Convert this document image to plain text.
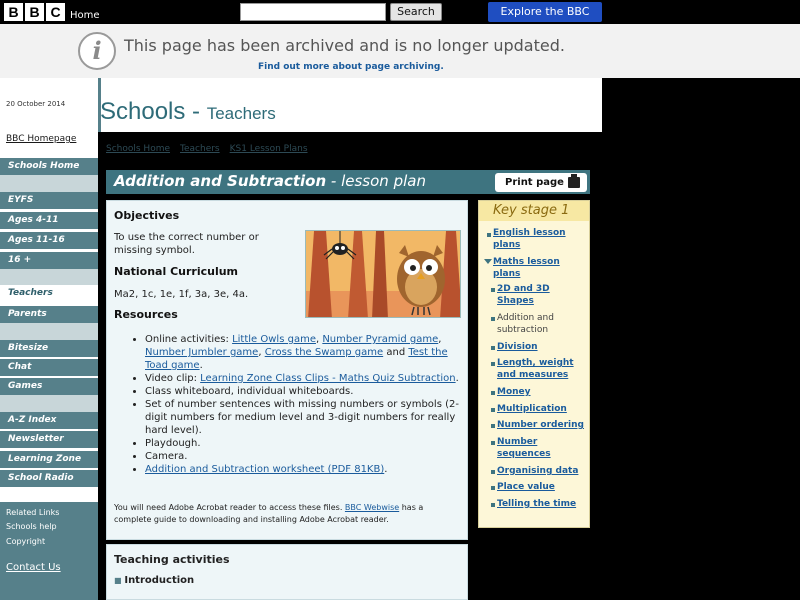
B B C Home	Search	Explore the BBC
i	This page has been archived and is no longer updated.
Find out more about page archiving.
20 October 2014
BBC Homepage
Schools Home
EYFS
Ages 4-11
Ages 11-16
16 +
Teachers
Parents
Bitesize
Chat
Games
A-Z Index
Newsletter
Learning Zone
School Radio
Related Links
Schools help
Copyright
Contact Us
Schools - Teachers
Schools Home Teachers KS1 Lesson Plans
Addition and Subtraction - lesson plan	Print page
Objectives

To use the correct number or missing symbol.

National Curriculum

Ma2, 1c, 1e, 1f, 3a, 3e, 4a.

Resources
• Online activities: Little Owls game, Number Pyramid game, Number Jumbler game, Cross the Swamp game and Test the Toad game.
• Video clip: Learning Zone Class Clips - Maths Quiz Subtraction.
• Class whiteboard, individual whiteboards.
• Set of number sentences with missing numbers or symbols (2-digit numbers for medium level and 3-digit numbers for really hard level).
• Playdough.
• Camera.
• Addition and Subtraction worksheet (PDF 81KB).
You will need Adobe Acrobat reader to access these files. BBC Webwise has a complete guide to downloading and installing Adobe Acrobat reader.
Teaching activities
■ Introduction
Key stage 1
English lesson plans
Maths lesson plans
2D and 3D Shapes
Addition and subtraction
Division
Length, weight and measures
Money
Multiplication
Number ordering
Number sequences
Organising data
Place value
Telling the time
